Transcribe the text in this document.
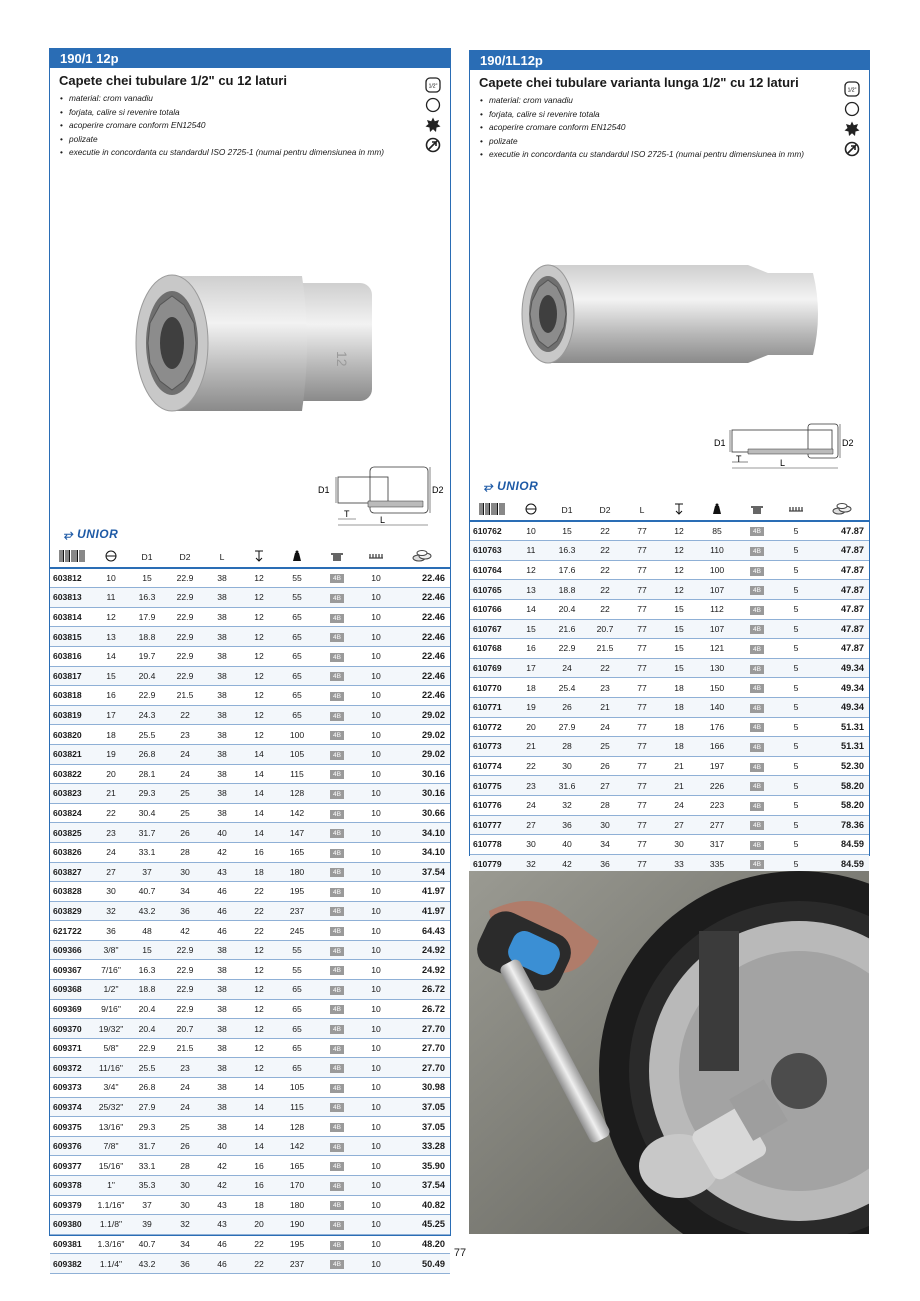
190/1 12p
Capete chei tubulare 1/2" cu 12 laturi
• material: crom vanadiu
• forjata, calire si revenire totala
• acoperire cromare conform EN12540
• polizate
• executie in concordanta cu standardul ISO 2725-1 (numai pentru dimensiunea in mm)
1/2"
12
D1	D2
T
L
⥂ UNIOR
		D1	D2	L					
603812	10	15	22.9	38	12	55	4B	10	22.46
603813	11	16.3	22.9	38	12	55	4B	10	22.46
603814	12	17.9	22.9	38	12	65	4B	10	22.46
603815	13	18.8	22.9	38	12	65	4B	10	22.46
603816	14	19.7	22.9	38	12	65	4B	10	22.46
603817	15	20.4	22.9	38	12	65	4B	10	22.46
603818	16	22.9	21.5	38	12	65	4B	10	22.46
603819	17	24.3	22	38	12	65	4B	10	29.02
603820	18	25.5	23	38	12	100	4B	10	29.02
603821	19	26.8	24	38	14	105	4B	10	29.02
603822	20	28.1	24	38	14	115	4B	10	30.16
603823	21	29.3	25	38	14	128	4B	10	30.16
603824	22	30.4	25	38	14	142	4B	10	30.66
603825	23	31.7	26	40	14	147	4B	10	34.10
603826	24	33.1	28	42	16	165	4B	10	34.10
603827	27	37	30	43	18	180	4B	10	37.54
603828	30	40.7	34	46	22	195	4B	10	41.97
603829	32	43.2	36	46	22	237	4B	10	41.97
621722	36	48	42	46	22	245	4B	10	64.43
609366	3/8"	15	22.9	38	12	55	4B	10	24.92
609367	7/16"	16.3	22.9	38	12	55	4B	10	24.92
609368	1/2"	18.8	22.9	38	12	65	4B	10	26.72
609369	9/16"	20.4	22.9	38	12	65	4B	10	26.72
609370	19/32"	20.4	20.7	38	12	65	4B	10	27.70
609371	5/8"	22.9	21.5	38	12	65	4B	10	27.70
609372	11/16"	25.5	23	38	12	65	4B	10	27.70
609373	3/4"	26.8	24	38	14	105	4B	10	30.98
609374	25/32"	27.9	24	38	14	115	4B	10	37.05
609375	13/16"	29.3	25	38	14	128	4B	10	37.05
609376	7/8"	31.7	26	40	14	142	4B	10	33.28
609377	15/16"	33.1	28	42	16	165	4B	10	35.90
609378	1"	35.3	30	42	16	170	4B	10	37.54
609379	1.1/16"	37	30	43	18	180	4B	10	40.82
609380	1.1/8"	39	32	43	20	190	4B	10	45.25
609381	1.3/16"	40.7	34	46	22	195	4B	10	48.20
609382	1.1/4"	43.2	36	46	22	237	4B	10	50.49
190/1L12p
Capete chei tubulare varianta lunga 1/2" cu 12 laturi
• material: crom vanadiu
• forjata, calire si revenire totala
• acoperire cromare conform EN12540
• polizate
• executie in concordanta cu standardul ISO 2725-1 (numai pentru dimensiunea in mm)
1/2"
D1	D2
T	L
⥂ UNIOR
		D1	D2	L					
610762	10	15	22	77	12	85	4B	5	47.87
610763	11	16.3	22	77	12	110	4B	5	47.87
610764	12	17.6	22	77	12	100	4B	5	47.87
610765	13	18.8	22	77	12	107	4B	5	47.87
610766	14	20.4	22	77	15	112	4B	5	47.87
610767	15	21.6	20.7	77	15	107	4B	5	47.87
610768	16	22.9	21.5	77	15	121	4B	5	47.87
610769	17	24	22	77	15	130	4B	5	49.34
610770	18	25.4	23	77	18	150	4B	5	49.34
610771	19	26	21	77	18	140	4B	5	49.34
610772	20	27.9	24	77	18	176	4B	5	51.31
610773	21	28	25	77	18	166	4B	5	51.31
610774	22	30	26	77	21	197	4B	5	52.30
610775	23	31.6	27	77	21	226	4B	5	58.20
610776	24	32	28	77	24	223	4B	5	58.20
610777	27	36	30	77	27	277	4B	5	78.36
610778	30	40	34	77	30	317	4B	5	84.59
610779	32	42	36	77	33	335	4B	5	84.59
77
